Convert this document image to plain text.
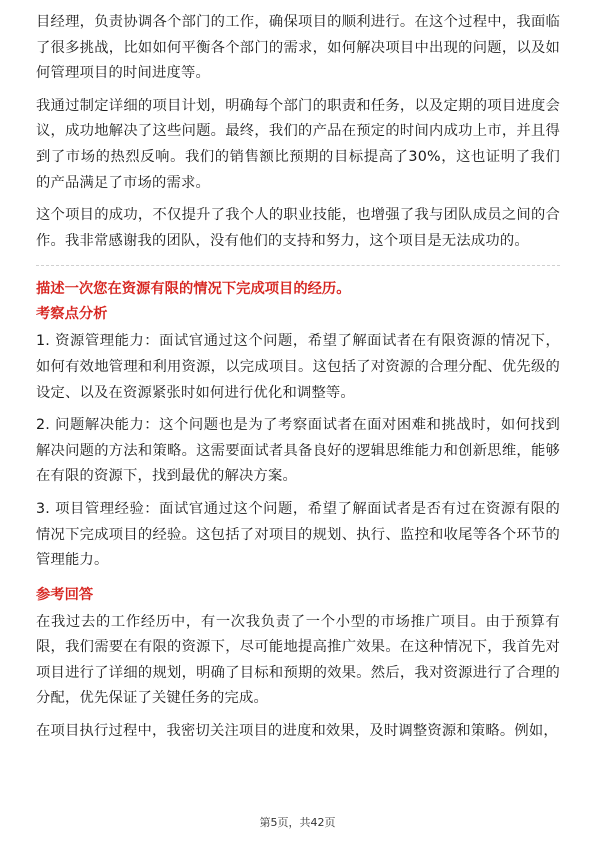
目经理，负责协调各个部门的工作，确保项目的顺利进行。在这个过程中，我面临了很多挑战，比如如何平衡各个部门的需求，如何解决项目中出现的问题，以及如何管理项目的时间进度等。

我通过制定详细的项目计划，明确每个部门的职责和任务，以及定期的项目进度会议，成功地解决了这些问题。最终，我们的产品在预定的时间内成功上市，并且得到了市场的热烈反响。我们的销售额比预期的目标提高了30%，这也证明了我们的产品满足了市场的需求。

这个项目的成功，不仅提升了我个人的职业技能，也增强了我与团队成员之间的合作。我非常感谢我的团队，没有他们的支持和努力，这个项目是无法成功的。

描述一次您在资源有限的情况下完成项目的经历。
考察点分析

1. 资源管理能力：面试官通过这个问题，希望了解面试者在有限资源的情况下，如何有效地管理和利用资源，以完成项目。这包括了对资源的合理分配、优先级的设定、以及在资源紧张时如何进行优化和调整等。

2. 问题解决能力：这个问题也是为了考察面试者在面对困难和挑战时，如何找到解决问题的方法和策略。这需要面试者具备良好的逻辑思维能力和创新思维，能够在有限的资源下，找到最优的解决方案。

3. 项目管理经验：面试官通过这个问题，希望了解面试者是否有过在资源有限的情况下完成项目的经验。这包括了对项目的规划、执行、监控和收尾等各个环节的管理能力。

参考回答

在我过去的工作经历中，有一次我负责了一个小型的市场推广项目。由于预算有限，我们需要在有限的资源下，尽可能地提高推广效果。在这种情况下，我首先对项目进行了详细的规划，明确了目标和预期的效果。然后，我对资源进行了合理的分配，优先保证了关键任务的完成。

在项目执行过程中，我密切关注项目的进度和效果，及时调整资源和策略。例如，

第5页，共42页
